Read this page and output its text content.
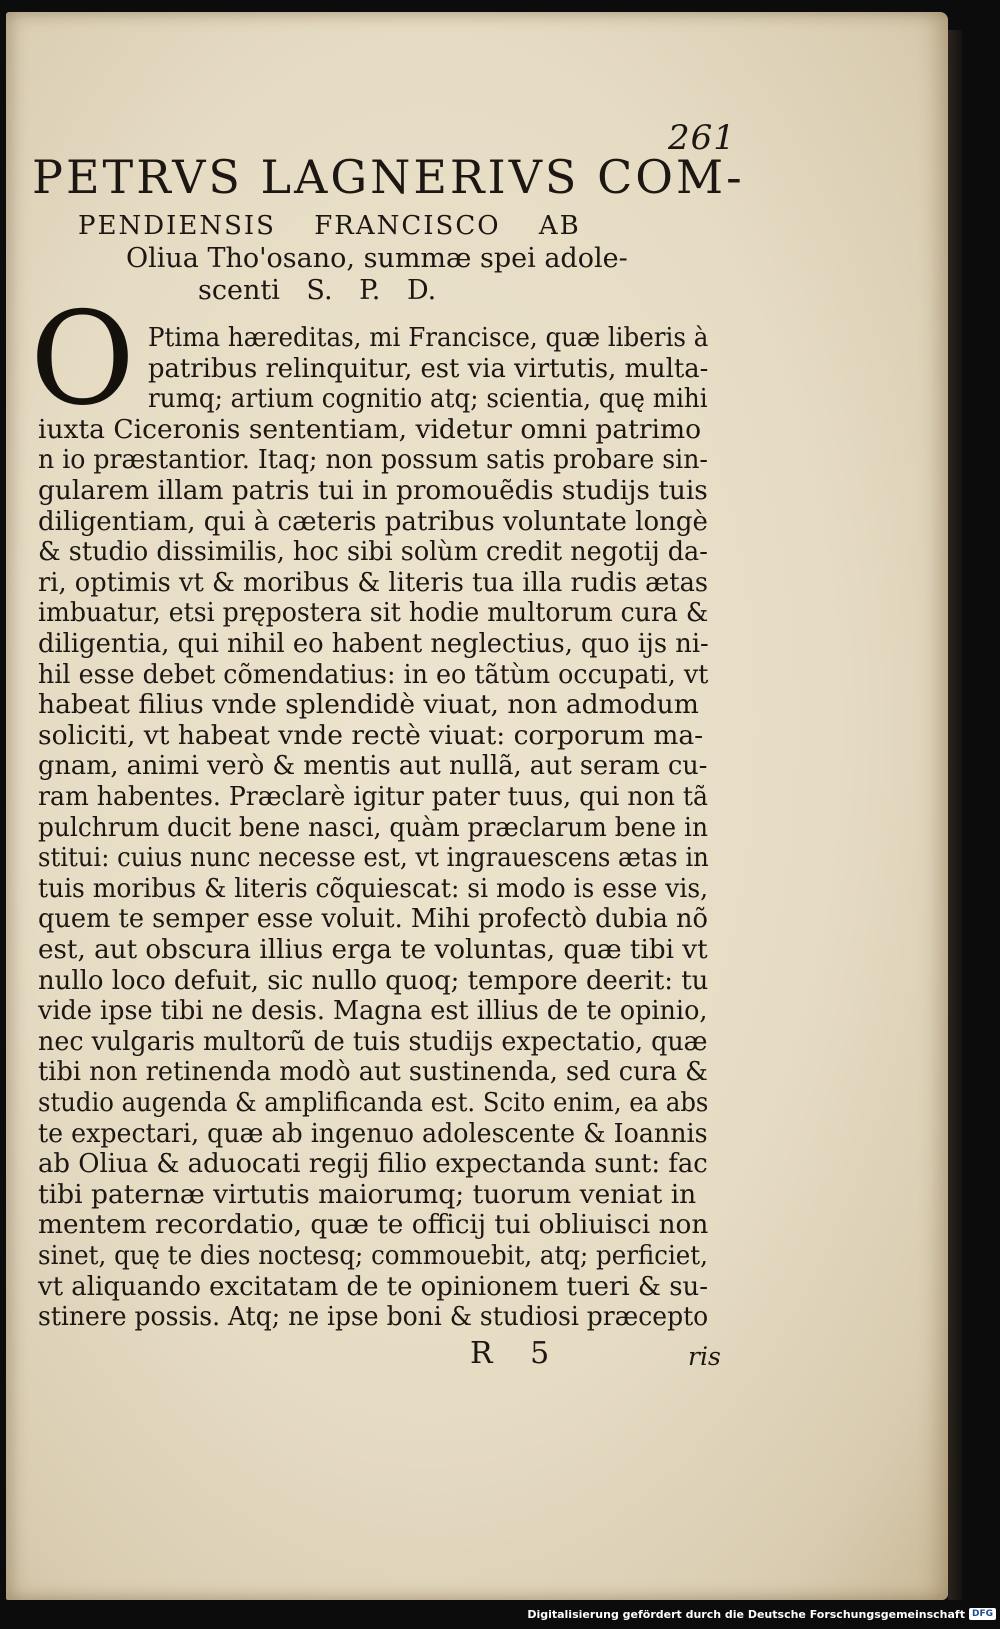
261
PETRVS LAGNERIVS COM-
PENDIENSIS FRANCISCO AB
Oliua Tho'osano, summæ spei adole-
scenti S. P. D.
O Ptima hæreditas, mi Francisce, quæ liberis à
patribus relinquitur, est via virtutis, multa-
rumq; artium cognitio atq; scientia, quę mihi
iuxta Ciceronis sententiam, videtur omni patrimo
n io præstantior. Itaq; non possum satis probare sin-
gularem illam patris tui in promouẽdis studijs tuis
diligentiam, qui à cæteris patribus voluntate longè
& studio dissimilis, hoc sibi solùm credit negotij da-
ri, optimis vt & moribus & literis tua illa rudis ætas
imbuatur, etsi pręposterа sit hodie multorum cura &
diligentia, qui nihil eo habent neglectius, quo ijs ni-
hil esse debet cõmendatius: in eo tãtùm occupati, vt
habeat filius vnde splendidè viuat, non admodum
soliciti, vt habeat vnde rectè viuat: corporum ma-
gnam, animi verò & mentis aut nullã, aut seram cu-
ram habentes. Præclarè igitur pater tuus, qui non tã
pulchrum ducit bene nasci, quàm præclarum bene in
stitui: cuius nunc necesse est, vt ingrauescens ætas in
tuis moribus & literis cõquiescat: si modo is esse vis,
quem te semper esse voluit. Mihi profectò dubia nõ
est, aut obscura illius erga te voluntas, quæ tibi vt
nullo loco defuit, sic nullo quoq; tempore deerit: tu
vide ipse tibi ne desis. Magna est illius de te opinio,
nec vulgaris multorũ de tuis studijs expectatio, quæ
tibi non retinenda modò aut sustinenda, sed cura &
studio augenda & amplificanda est. Scito enim, ea abs
te expectari, quæ ab ingenuo adolescente & Ioannis
ab Oliua & aduocati regij filio expectanda sunt: fac
tibi paternæ virtutis maiorumq; tuorum veniat in
mentem recordatio, quæ te officij tui obliuisci non
sinet, quę te dies noctesq; commouebit, atq; perficiet,
vt aliquando excitatam de te opinionem tueri & su-
stinere possis. Atq; ne ipse boni & studiosi præcepto
R 5	ris
Digitalisierung gefördert durch die Deutsche Forschungsgemeinschaft DFG
